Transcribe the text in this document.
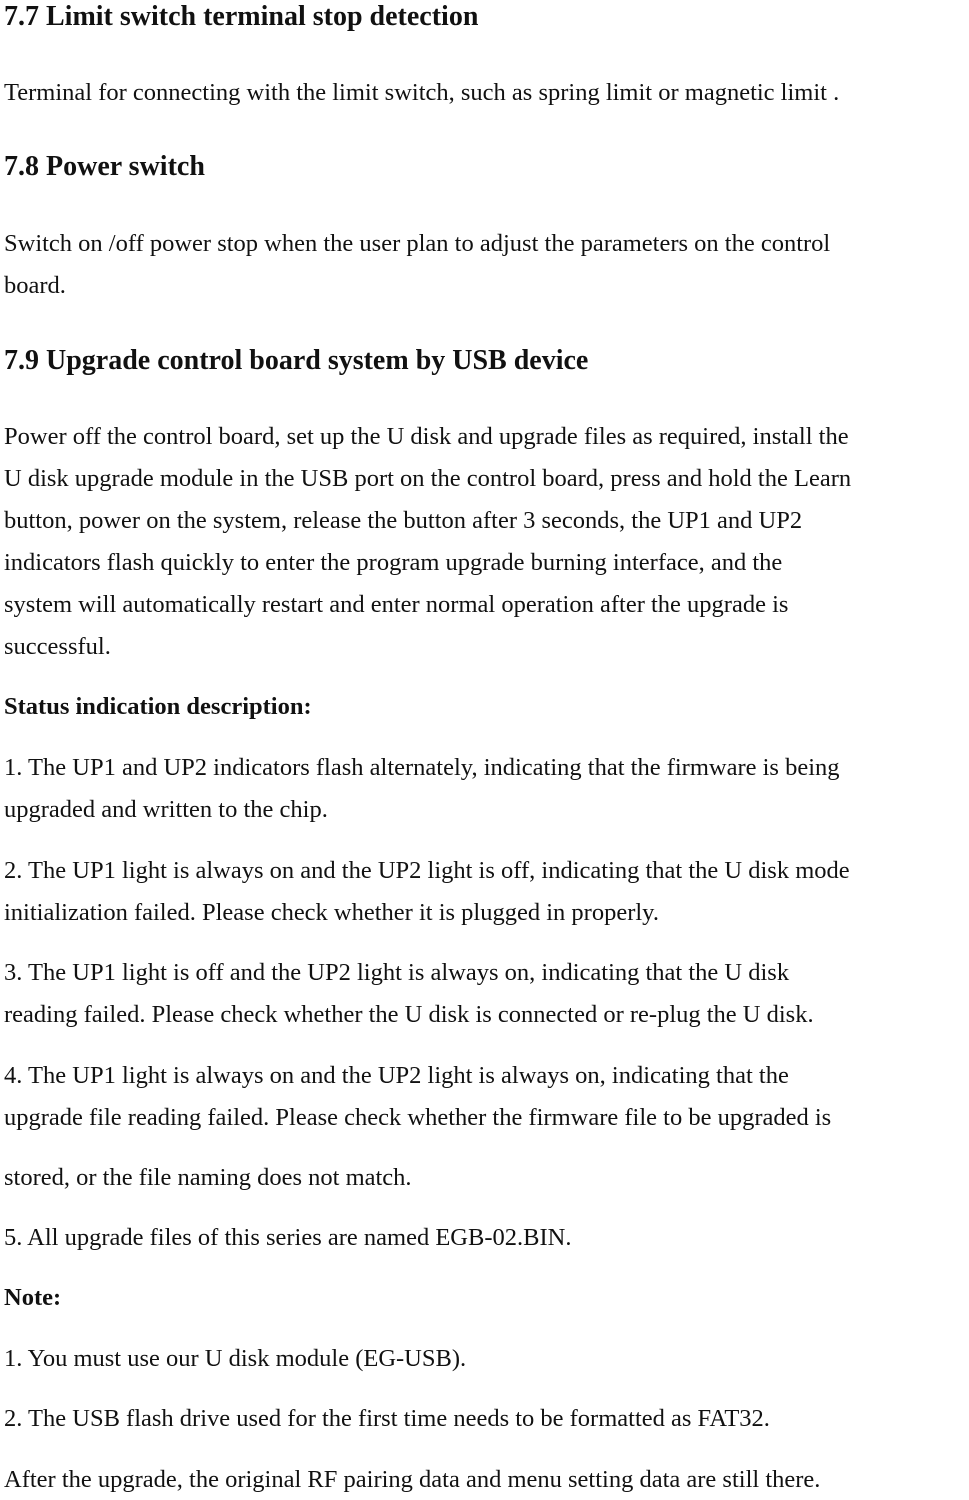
7.7 Limit switch terminal stop detection
Terminal for connecting with the limit switch, such as spring limit or magnetic limit .
7.8 Power switch
Switch on /off power stop when the user plan to adjust the parameters on the control
board.
7.9 Upgrade control board system by USB device
Power off the control board, set up the U disk and upgrade files as required, install the
U disk upgrade module in the USB port on the control board, press and hold the Learn
button, power on the system, release the button after 3 seconds, the UP1 and UP2
indicators flash quickly to enter the program upgrade burning interface, and the
system will automatically restart and enter normal operation after the upgrade is
successful.
Status indication description:
1. The UP1 and UP2 indicators flash alternately, indicating that the firmware is being
upgraded and written to the chip.
2. The UP1 light is always on and the UP2 light is off, indicating that the U disk mode
initialization failed. Please check whether it is plugged in properly.
3. The UP1 light is off and the UP2 light is always on, indicating that the U disk
reading failed. Please check whether the U disk is connected or re-plug the U disk.
4. The UP1 light is always on and the UP2 light is always on, indicating that the
upgrade file reading failed. Please check whether the firmware file to be upgraded is
stored, or the file naming does not match.
5. All upgrade files of this series are named EGB-02.BIN.
Note:
1. You must use our U disk module (EG-USB).
2. The USB flash drive used for the first time needs to be formatted as FAT32.
After the upgrade, the original RF pairing data and menu setting data are still there.
